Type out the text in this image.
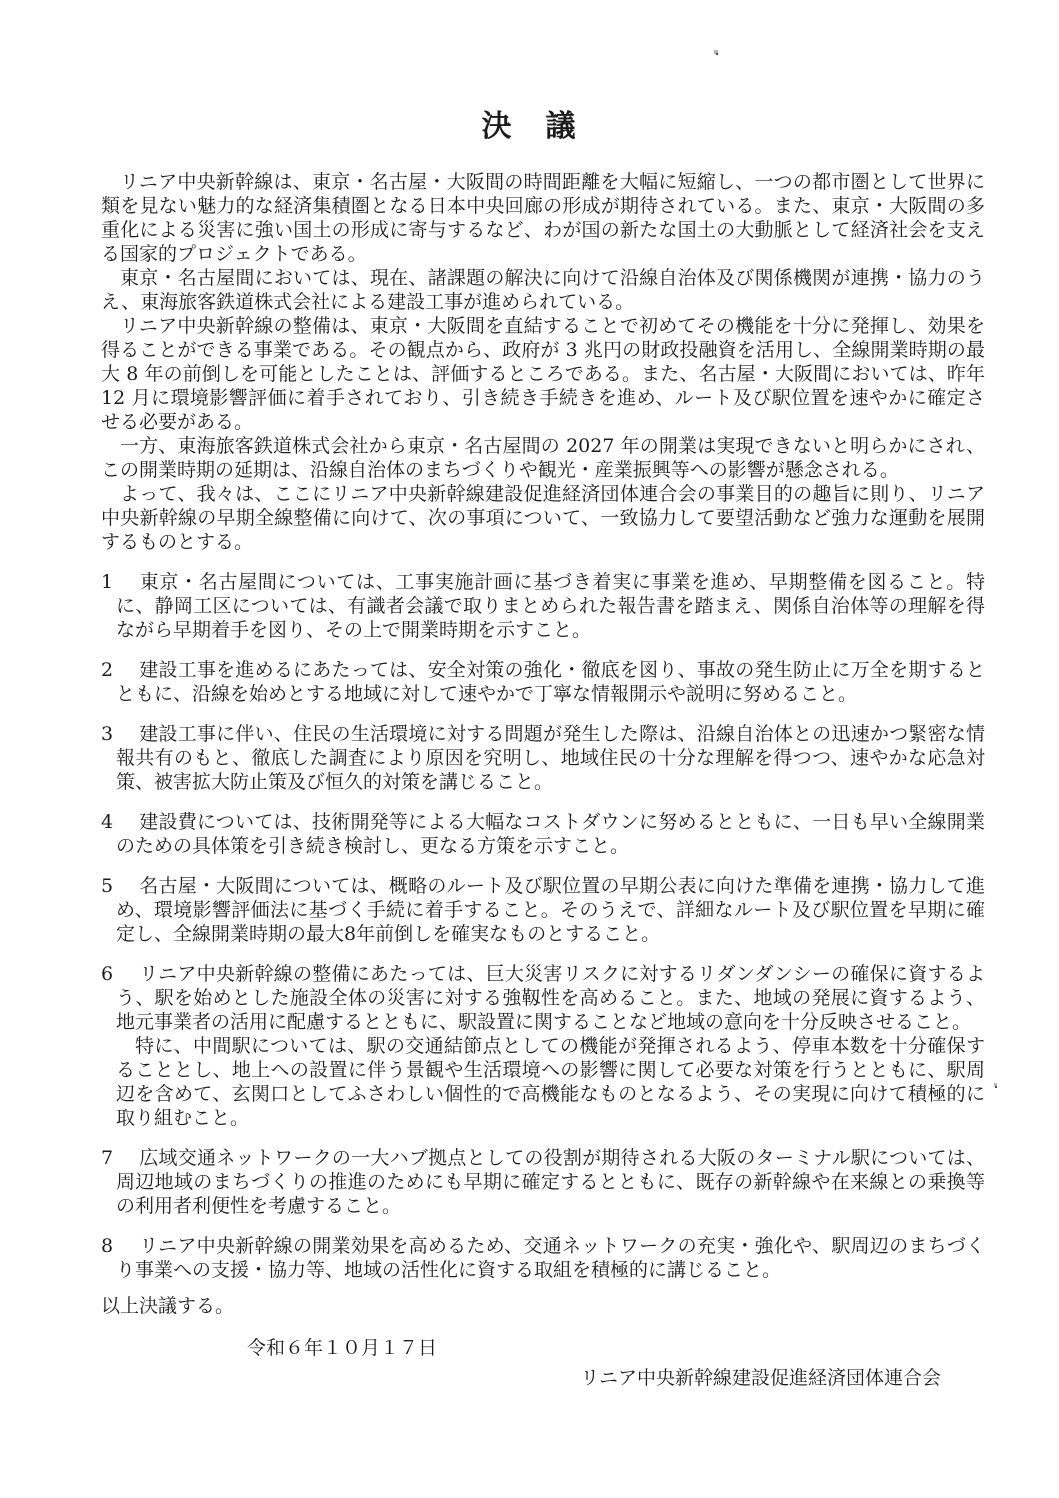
決　議

リニア中央新幹線は、東京・名古屋・大阪間の時間距離を大幅に短縮し、一つの都市圏として世界に類を見ない魅力的な経済集積圏となる日本中央回廊の形成が期待されている。また、東京・大阪間の多重化による災害に強い国土の形成に寄与するなど、わが国の新たな国土の大動脈として経済社会を支える国家的プロジェクトである。

東京・名古屋間においては、現在、諸課題の解決に向けて沿線自治体及び関係機関が連携・協力のうえ、東海旅客鉄道株式会社による建設工事が進められている。

リニア中央新幹線の整備は、東京・大阪間を直結することで初めてその機能を十分に発揮し、効果を得ることができる事業である。その観点から、政府が 3 兆円の財政投融資を活用し、全線開業時期の最大 8 年の前倒しを可能としたことは、評価するところである。また、名古屋・大阪間においては、昨年 12 月に環境影響評価に着手されており、引き続き手続きを進め、ルート及び駅位置を速やかに確定させる必要がある。

一方、東海旅客鉄道株式会社から東京・名古屋間の 2027 年の開業は実現できないと明らかにされ、この開業時期の延期は、沿線自治体のまちづくりや観光・産業振興等への影響が懸念される。

よって、我々は、ここにリニア中央新幹線建設促進経済団体連合会の事業目的の趣旨に則り、リニア中央新幹線の早期全線整備に向けて、次の事項について、一致協力して要望活動など強力な運動を展開するものとする。

1 東京・名古屋間については、工事実施計画に基づき着実に事業を進め、早期整備を図ること。特に、静岡工区については、有識者会議で取りまとめられた報告書を踏まえ、関係自治体等の理解を得ながら早期着手を図り、その上で開業時期を示すこと。

2 建設工事を進めるにあたっては、安全対策の強化・徹底を図り、事故の発生防止に万全を期するとともに、沿線を始めとする地域に対して速やかで丁寧な情報開示や説明に努めること。

3 建設工事に伴い、住民の生活環境に対する問題が発生した際は、沿線自治体との迅速かつ緊密な情報共有のもと、徹底した調査により原因を究明し、地域住民の十分な理解を得つつ、速やかな応急対策、被害拡大防止策及び恒久的対策を講じること。

4 建設費については、技術開発等による大幅なコストダウンに努めるとともに、一日も早い全線開業のための具体策を引き続き検討し、更なる方策を示すこと。

5 名古屋・大阪間については、概略のルート及び駅位置の早期公表に向けた準備を連携・協力して進め、環境影響評価法に基づく手続に着手すること。そのうえで、詳細なルート及び駅位置を早期に確定し、全線開業時期の最大8年前倒しを確実なものとすること。

6 リニア中央新幹線の整備にあたっては、巨大災害リスクに対するリダンダンシーの確保に資するよう、駅を始めとした施設全体の災害に対する強靱性を高めること。また、地域の発展に資するよう、地元事業者の活用に配慮するとともに、駅設置に関することなど地域の意向を十分反映させること。

特に、中間駅については、駅の交通結節点としての機能が発揮されるよう、停車本数を十分確保することとし、地上への設置に伴う景観や生活環境への影響に関して必要な対策を行うとともに、駅周辺を含めて、玄関口としてふさわしい個性的で高機能なものとなるよう、その実現に向けて積極的に取り組むこと。

7 広域交通ネットワークの一大ハブ拠点としての役割が期待される大阪のターミナル駅については、周辺地域のまちづくりの推進のためにも早期に確定するとともに、既存の新幹線や在来線との乗換等の利用者利便性を考慮すること。

8 リニア中央新幹線の開業効果を高めるため、交通ネットワークの充実・強化や、駅周辺のまちづくり事業への支援・協力等、地域の活性化に資する取組を積極的に講じること。

以上決議する。

令和６年１０月１７日

リニア中央新幹線建設促進経済団体連合会
